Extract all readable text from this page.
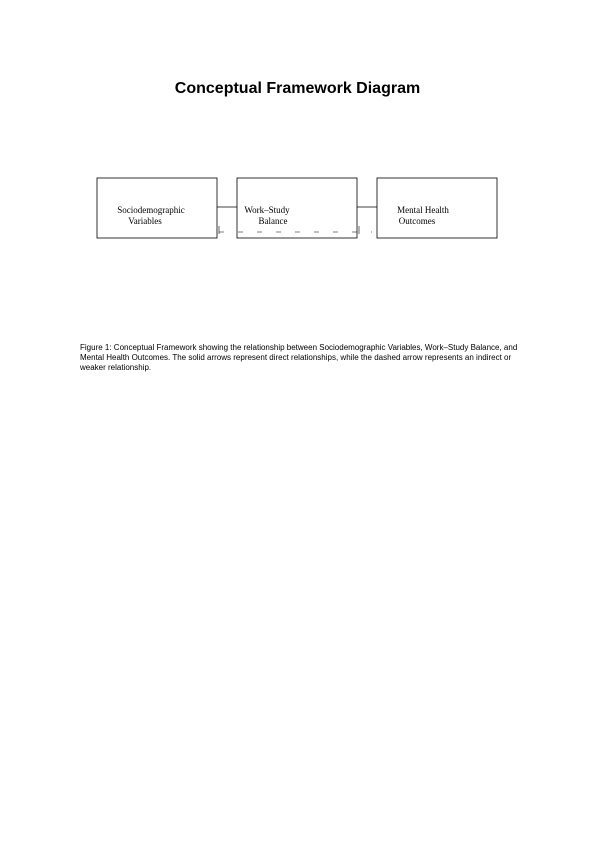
Conceptual Framework Diagram
Sociodemographic
Variables
Work–Study
Balance
Mental Health
Outcomes

Figure 1: Conceptual Framework showing the relationship between Sociodemographic Variables, Work–Study Balance, and Mental Health Outcomes. The solid arrows represent direct relationships, while the dashed arrow represents an indirect or weaker relationship.
